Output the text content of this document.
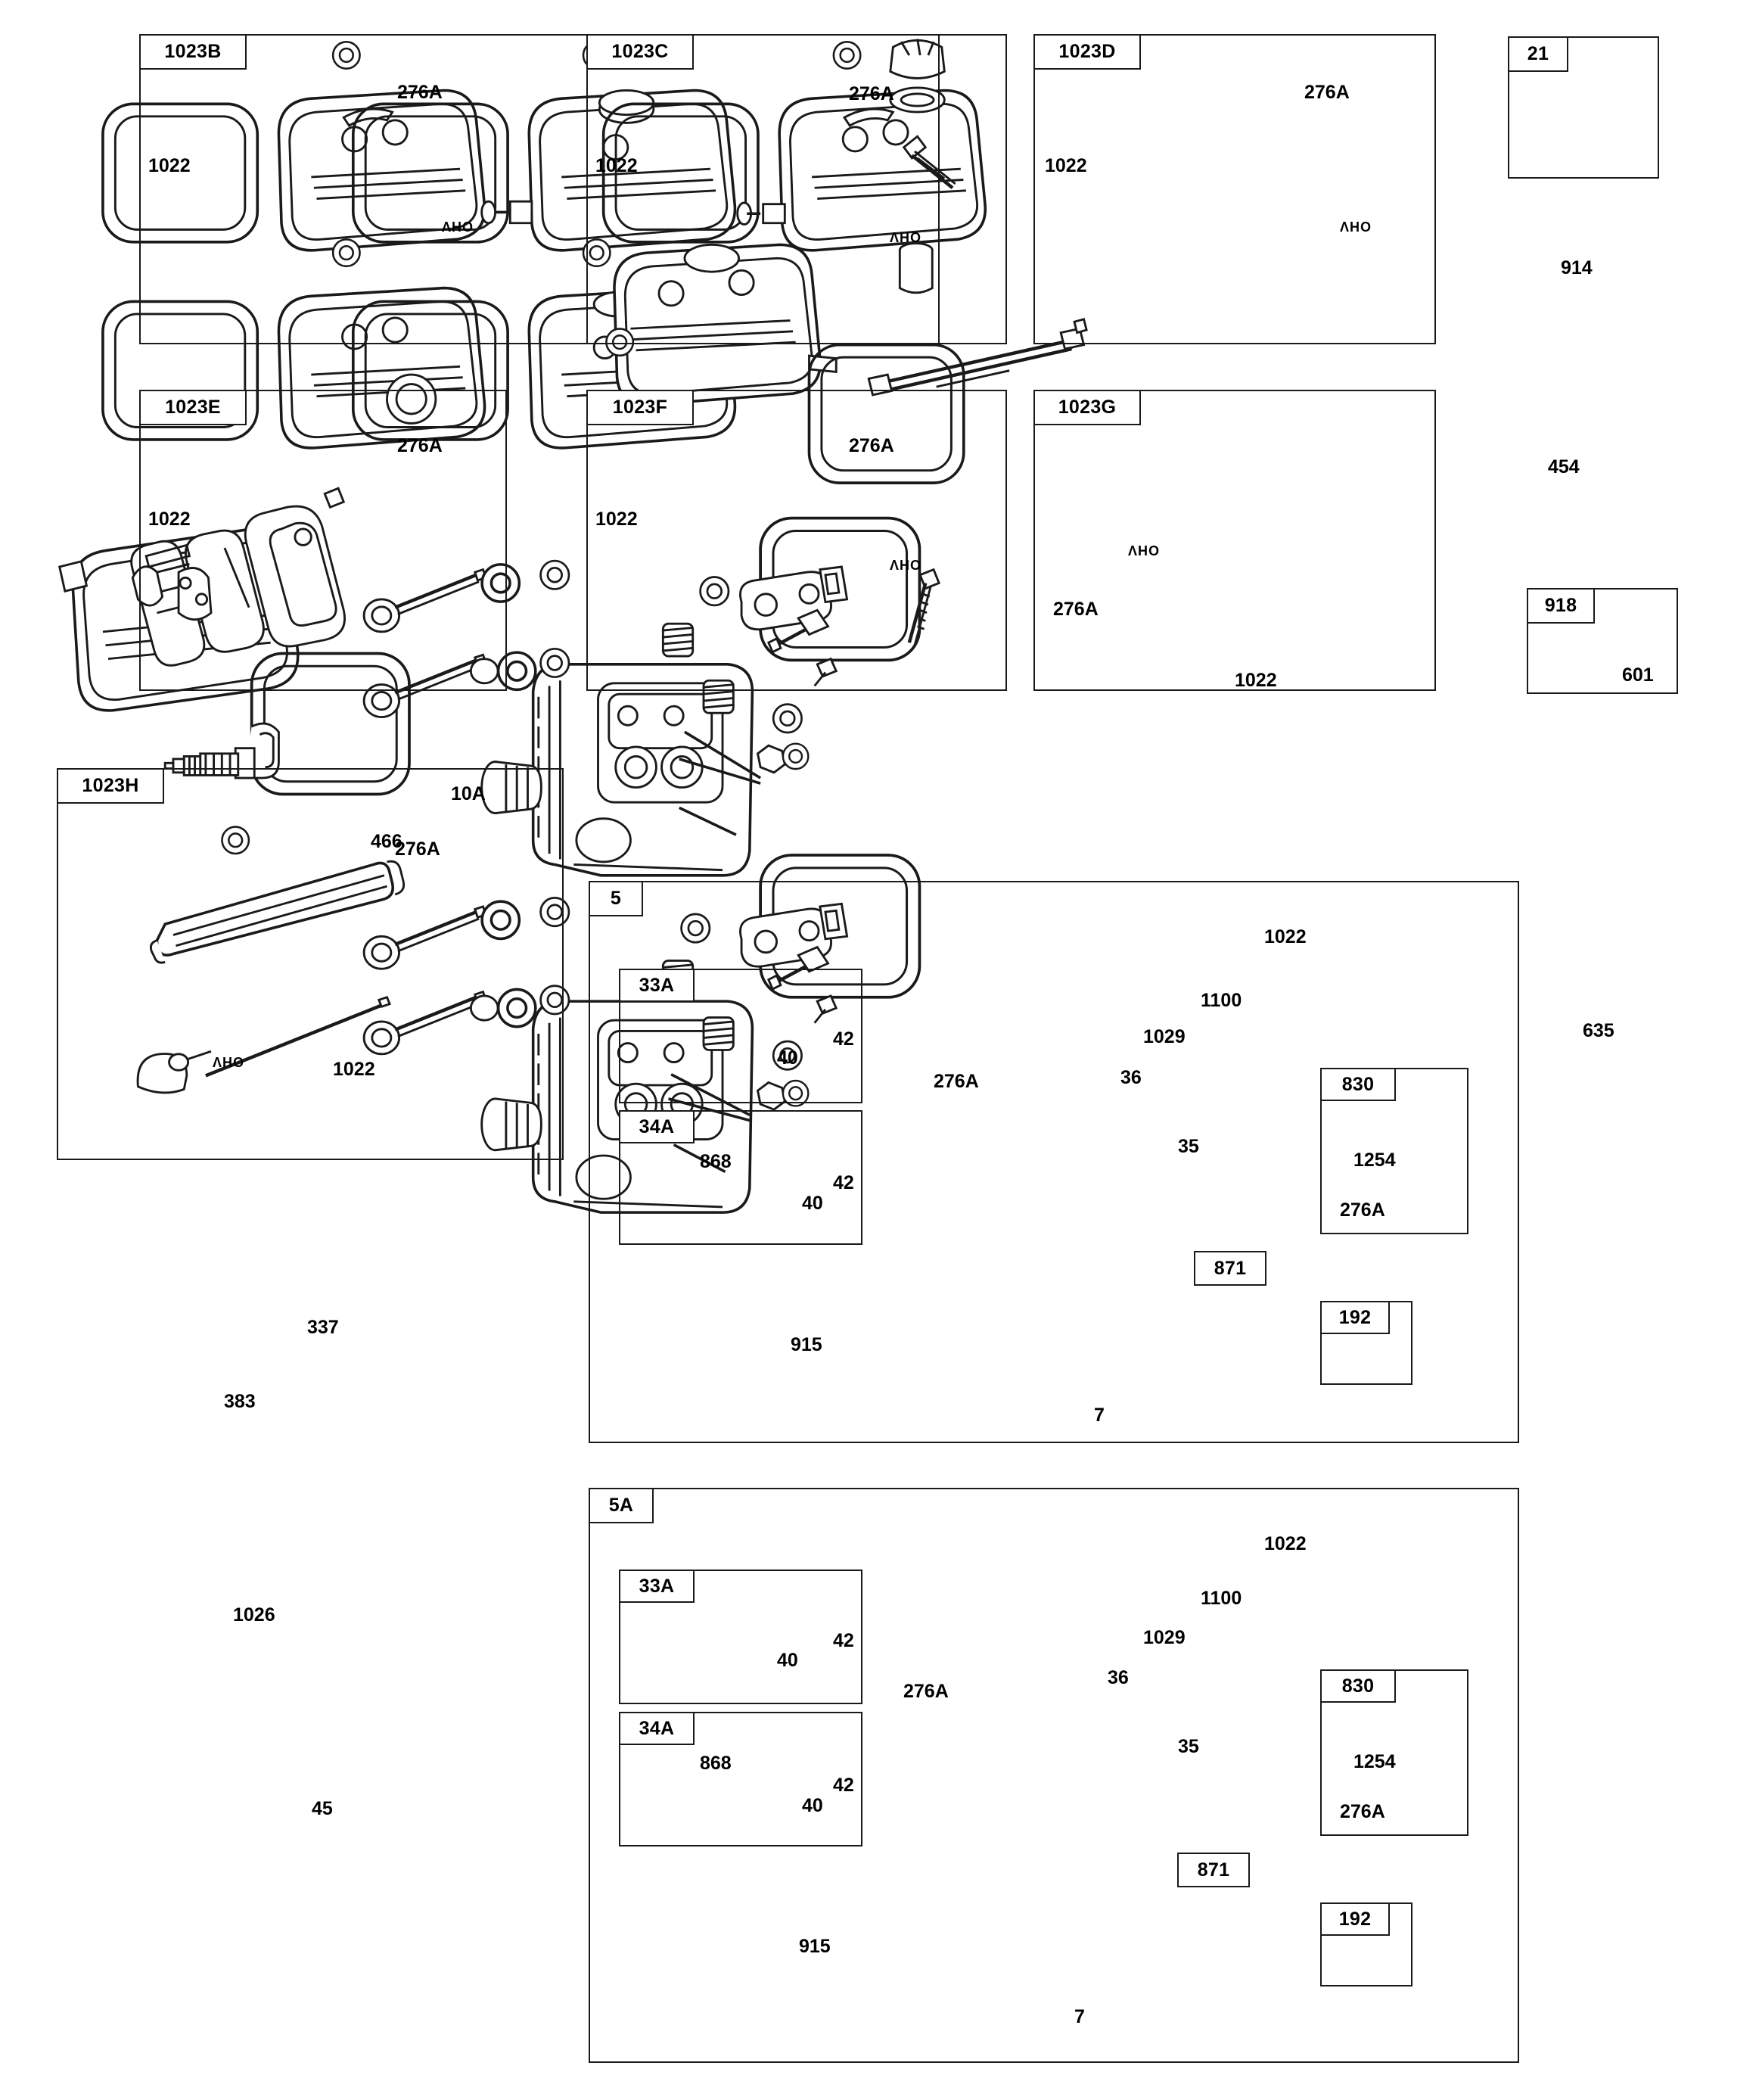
1023B
276A
1022
OHV
1023C
276A
1022
OHV
1023D
276A
1022
OHV
21
914
1023E
276A
1022
1023F
276A
1022
OHV
1023G
276A
1022
OHV
454
918
601
1023H
276A
466
10A
1022
OHV
337
383
1026
45
635
5
33A
40
42
34A
868
40
42
1022
1100
1029
36
35
276A
915
7
871
830
1254
276A
192
5A
33A
40
42
34A
868
40
42
1022
1100
1029
36
35
276A
915
7
871
830
1254
276A
192
